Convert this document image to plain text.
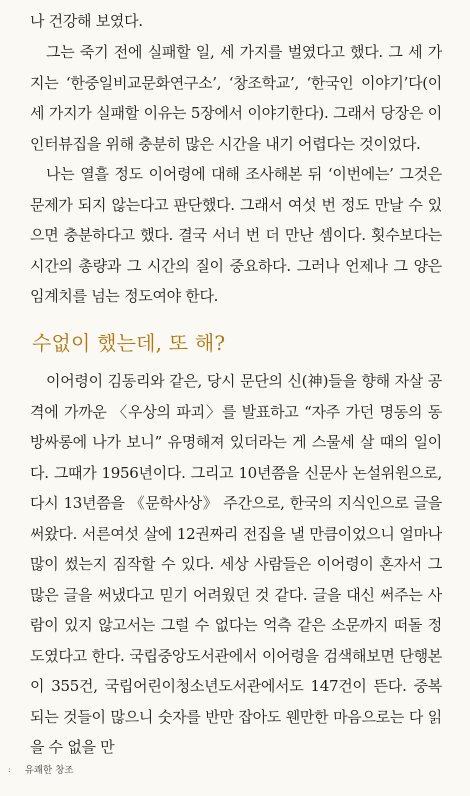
나 건강해 보였다.

그는 죽기 전에 실패할 일, 세 가지를 벌였다고 했다. 그 세 가지는 ‘한중일비교문화연구소’, ‘창조학교’, ‘한국인 이야기’다(이 세 가지가 실패할 이유는 5장에서 이야기한다). 그래서 당장은 이 인터뷰집을 위해 충분히 많은 시간을 내기 어렵다는 것이었다.

나는 열흘 정도 이어령에 대해 조사해본 뒤 ‘이번에는’ 그것은 문제가 되지 않는다고 판단했다. 그래서 여섯 번 정도 만날 수 있으면 충분하다고 했다. 결국 서너 번 더 만난 셈이다. 횟수보다는 시간의 총량과 그 시간의 질이 중요하다. 그러나 언제나 그 양은 임계치를 넘는 정도여야 한다.

수없이 했는데, 또 해?

이어령이 김동리와 같은, 당시 문단의 신(神)들을 향해 자살 공격에 가까운 〈우상의 파괴〉를 발표하고 “자주 가던 명동의 동방싸롱에 나가 보니” 유명해져 있더라는 게 스물세 살 때의 일이다. 그때가 1956년이다. 그리고 10년쯤을 신문사 논설위원으로, 다시 13년쯤을 《문학사상》 주간으로, 한국의 지식인으로 글을 써왔다. 서른여섯 살에 12권짜리 전집을 낼 만큼이었으니 얼마나 많이 썼는지 짐작할 수 있다. 세상 사람들은 이어령이 혼자서 그 많은 글을 써냈다고 믿기 어려웠던 것 같다. 글을 대신 써주는 사람이 있지 않고서는 그럴 수 없다는 억측 같은 소문까지 떠돌 정도였다고 한다. 국립중앙도서관에서 이어령을 검색해보면 단행본이 355건, 국립어린이청소년도서관에서도 147건이 뜬다. 중복되는 것들이 많으니 숫자를 반만 잡아도 웬만한 마음으로는 다 읽을 수 없을 만

: 유쾌한 창조
